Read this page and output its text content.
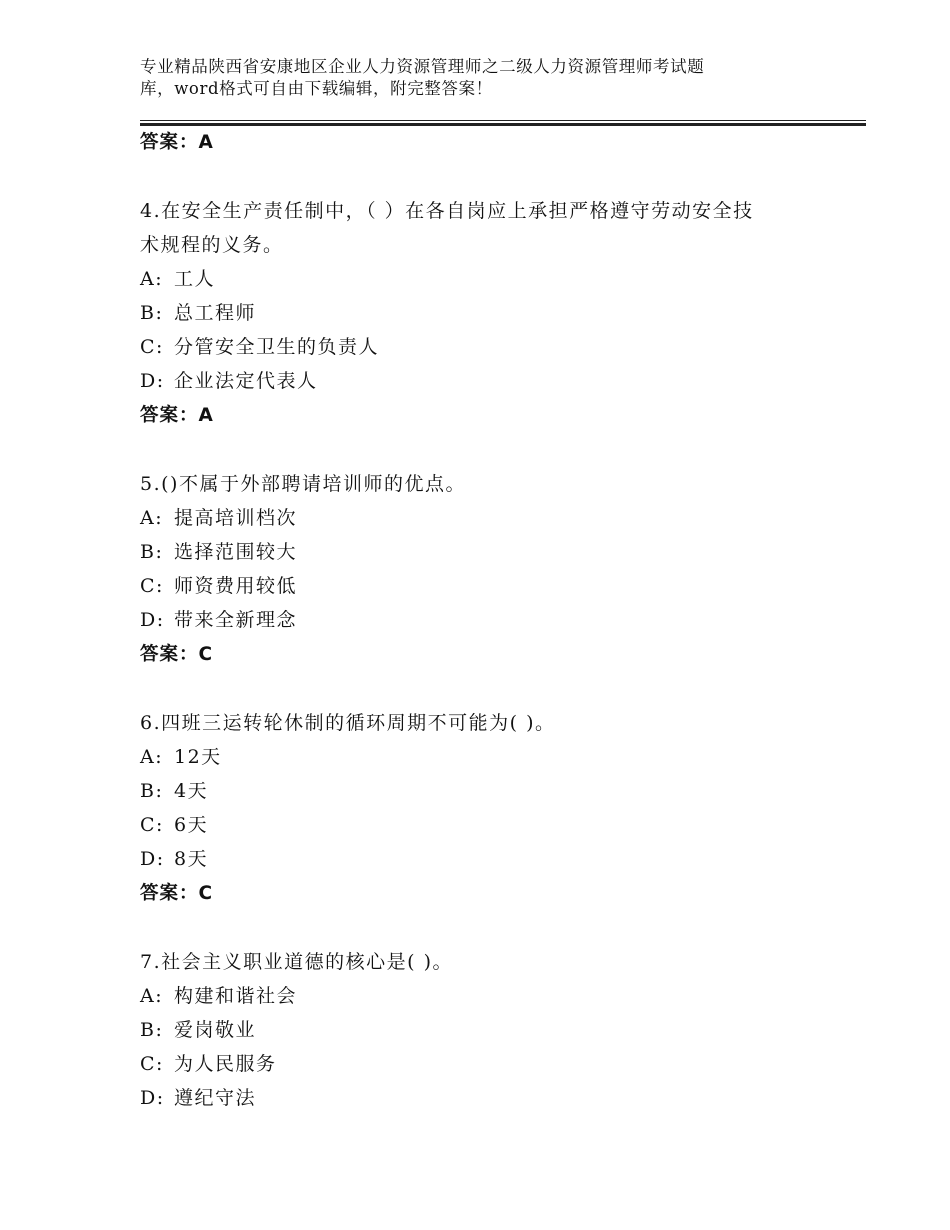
专业精品陕西省安康地区企业人力资源管理师之二级人力资源管理师考试题
库，word格式可自由下载编辑，附完整答案！
答案：A
4.在安全生产责任制中，（ ）在各自岗应上承担严格遵守劳动安全技
术规程的义务。
A: 工人
B: 总工程师
C: 分管安全卫生的负责人
D: 企业法定代表人
答案：A
5.()不属于外部聘请培训师的优点。
A: 提高培训档次
B: 选择范围较大
C: 师资费用较低
D: 带来全新理念
答案：C
6.四班三运转轮休制的循环周期不可能为( )。
A: 12天
B: 4天
C: 6天
D: 8天
答案：C
7.社会主义职业道德的核心是( )。
A: 构建和谐社会
B: 爱岗敬业
C: 为人民服务
D: 遵纪守法
